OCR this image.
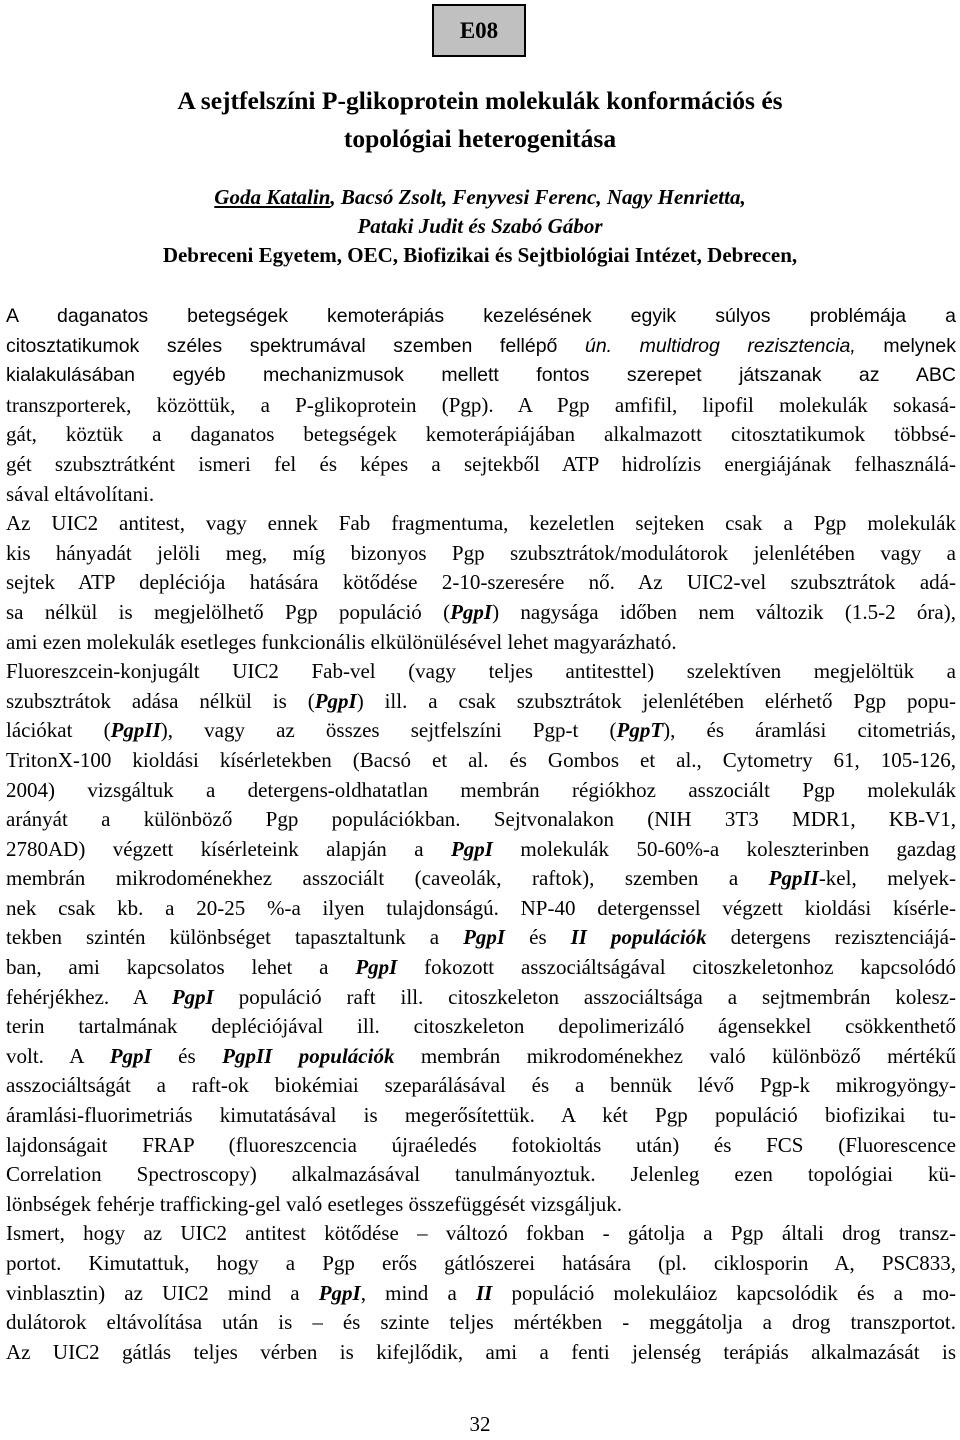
E08
A sejtfelszíni P-glikoprotein molekulák konformációs és
topológiai heterogenitása
Goda Katalin, Bacsó Zsolt, Fenyvesi Ferenc, Nagy Henrietta,
Pataki Judit és Szabó Gábor
Debreceni Egyetem, OEC, Biofizikai és Sejtbiológiai Intézet, Debrecen,
A daganatos betegségek kemoterápiás kezelésének egyik súlyos problémája a
citosztatikumok széles spektrumával szemben fellépő ún. multidrog rezisztencia, melynek
kialakulásában egyéb mechanizmusok mellett fontos szerepet játszanak az ABC
transzporterek, közöttük, a P-glikoprotein (Pgp). A Pgp amfifil, lipofil molekulák sokasá-
gát, köztük a daganatos betegségek kemoterápiájában alkalmazott citosztatikumok többsé-
gét szubsztrátként ismeri fel és képes a sejtekből ATP hidrolízis energiájának felhasználá-
sával eltávolítani.
Az UIC2 antitest, vagy ennek Fab fragmentuma, kezeletlen sejteken csak a Pgp molekulák
kis hányadát jelöli meg, míg bizonyos Pgp szubsztrátok/modulátorok jelenlétében vagy a
sejtek ATP depléciója hatására kötődése 2-10-szeresére nő. Az UIC2-vel szubsztrátok adá-
sa nélkül is megjelölhető Pgp populáció (PgpI) nagysága időben nem változik (1.5-2 óra),
ami ezen molekulák esetleges funkcionális elkülönülésével lehet magyarázható.
Fluoreszcein-konjugált UIC2 Fab-vel (vagy teljes antitesttel) szelektíven megjelöltük a
szubsztrátok adása nélkül is (PgpI) ill. a csak szubsztrátok jelenlétében elérhető Pgp popu-
lációkat (PgpII), vagy az összes sejtfelszíni Pgp-t (PgpT), és áramlási citometriás,
TritonX-100 kioldási kísérletekben (Bacsó et al. és Gombos et al., Cytometry 61, 105-126,
2004) vizsgáltuk a detergens-oldhatatlan membrán régiókhoz asszociált Pgp molekulák
arányát a különböző Pgp populációkban. Sejtvonalakon (NIH 3T3 MDR1, KB-V1,
2780AD) végzett kísérleteink alapján a PgpI molekulák 50-60%-a koleszterinben gazdag
membrán mikrodoménekhez asszociált (caveolák, raftok), szemben a PgpII-kel, melyek-
nek csak kb. a 20-25 %-a ilyen tulajdonságú. NP-40 detergenssel végzett kioldási kísérle-
tekben szintén különbséget tapasztaltunk a PgpI és II populációk detergens rezisztenciájá-
ban, ami kapcsolatos lehet a PgpI fokozott asszociáltságával citoszkeletonhoz kapcsolódó
fehérjékhez. A PgpI populáció raft ill. citoszkeleton asszociáltsága a sejtmembrán kolesz-
terin tartalmának depléciójával ill. citoszkeleton depolimerizáló ágensekkel csökkenthető
volt. A PgpI és PgpII populációk membrán mikrodoménekhez való különböző mértékű
asszociáltságát a raft-ok biokémiai szeparálásával és a bennük lévő Pgp-k mikrogyöngy-
áramlási-fluorimetriás kimutatásával is megerősítettük. A két Pgp populáció biofizikai tu-
lajdonságait FRAP (fluoreszcencia újraéledés fotokioltás után) és FCS (Fluorescence
Correlation Spectroscopy) alkalmazásával tanulmányoztuk. Jelenleg ezen topológiai kü-
lönbségek fehérje trafficking-gel való esetleges összefüggését vizsgáljuk.
Ismert, hogy az UIC2 antitest kötődése – változó fokban - gátolja a Pgp általi drog transz-
portot. Kimutattuk, hogy a Pgp erős gátlószerei hatására (pl. ciklosporin A, PSC833,
vinblasztin) az UIC2 mind a PgpI, mind a II populáció molekuláioz kapcsolódik és a mo-
dulátorok eltávolítása után is – és szinte teljes mértékben - meggátolja a drog transzportot.
Az UIC2 gátlás teljes vérben is kifejlődik, ami a fenti jelenség terápiás alkalmazását is
32
